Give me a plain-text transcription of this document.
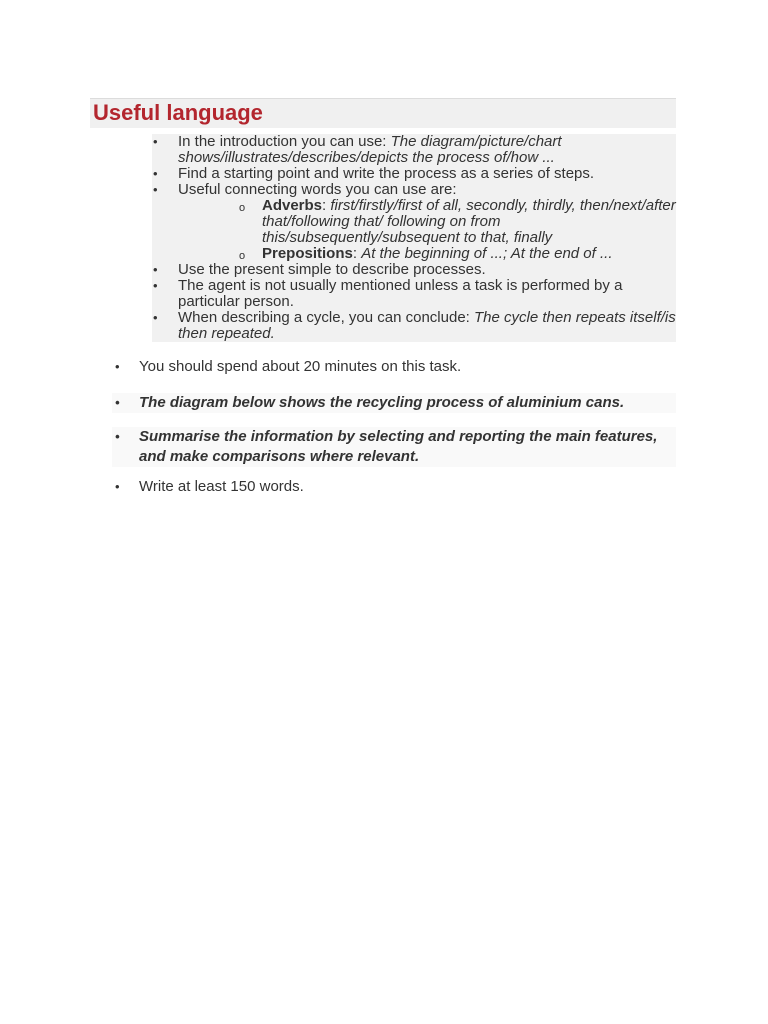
Useful language
• In the introduction you can use: The diagram/picture/chart
shows/illustrates/describes/depicts the process of/how ...
• Find a starting point and write the process as a series of steps.
• Useful connecting words you can use are:
o Adverbs: first/firstly/first of all, secondly, thirdly, then/next/after
that/following that/ following on from
this/subsequently/subsequent to that, finally
o Prepositions: At the beginning of ...; At the end of ...
• Use the present simple to describe processes.
• The agent is not usually mentioned unless a task is performed by a
particular person.
• When describing a cycle, you can conclude: The cycle then repeats itself/is
then repeated.
• You should spend about 20 minutes on this task.
• The diagram below shows the recycling process of aluminium cans.
• Summarise the information by selecting and reporting the main features,
and make comparisons where relevant.
• Write at least 150 words.
